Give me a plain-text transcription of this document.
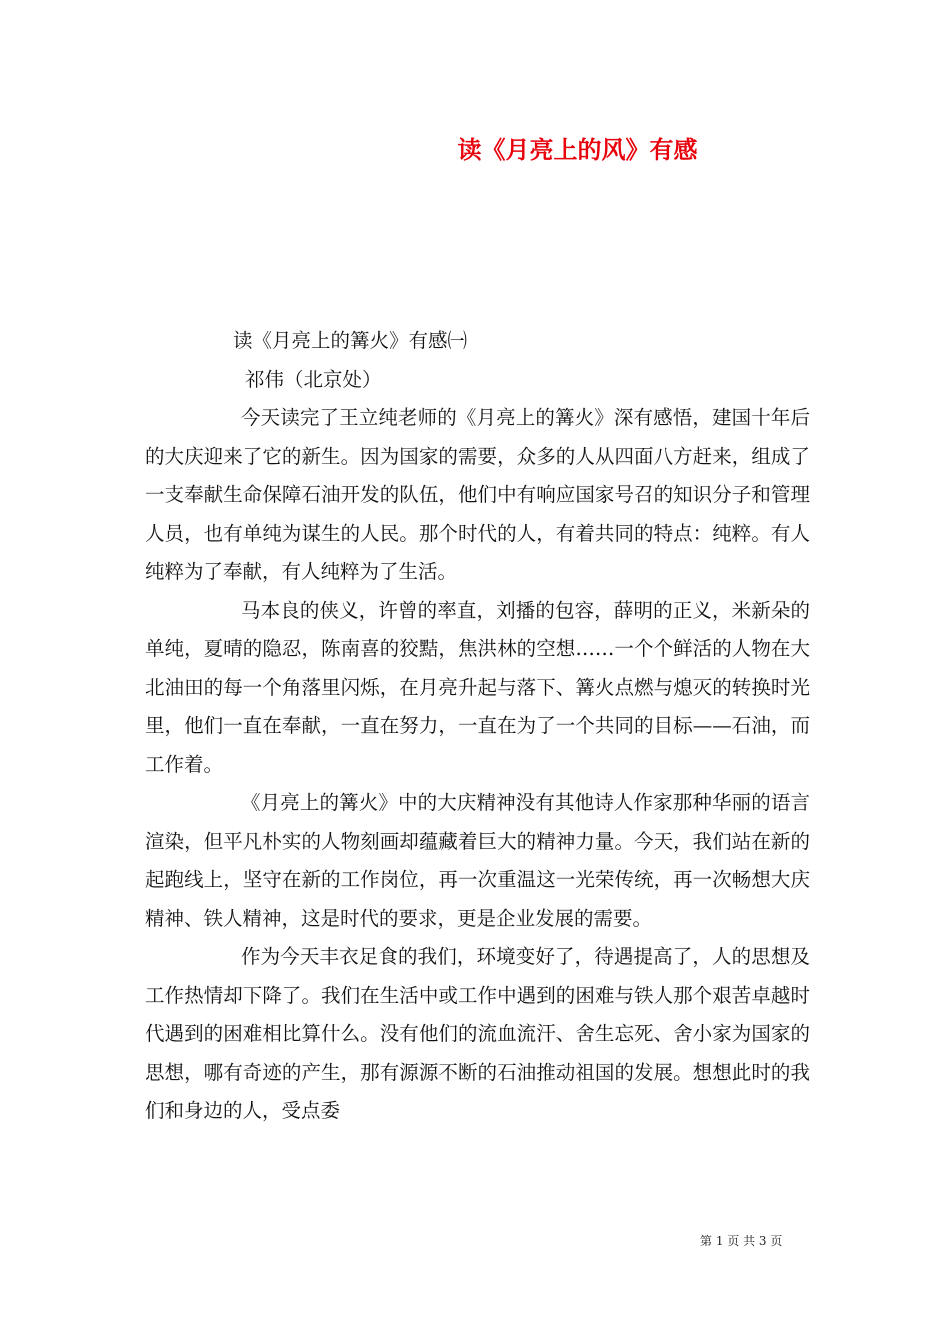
读《月亮上的风》有感

读《月亮上的篝火》有感㈠

祁伟（北京处）

今天读完了王立纯老师的《月亮上的篝火》深有感悟，建国十年后的大庆迎来了它的新生。因为国家的需要，众多的人从四面八方赶来，组成了一支奉献生命保障石油开发的队伍，他们中有响应国家号召的知识分子和管理人员，也有单纯为谋生的人民。那个时代的人，有着共同的特点：纯粹。有人纯粹为了奉献，有人纯粹为了生活。

马本良的侠义，许曾的率直，刘播的包容，薛明的正义，米新朵的单纯，夏晴的隐忍，陈南喜的狡黠，焦洪林的空想……一个个鲜活的人物在大北油田的每一个角落里闪烁，在月亮升起与落下、篝火点燃与熄灭的转换时光里，他们一直在奉献，一直在努力，一直在为了一个共同的目标——石油，而工作着。

《月亮上的篝火》中的大庆精神没有其他诗人作家那种华丽的语言渲染，但平凡朴实的人物刻画却蕴藏着巨大的精神力量。今天，我们站在新的起跑线上，坚守在新的工作岗位，再一次重温这一光荣传统，再一次畅想大庆精神、铁人精神，这是时代的要求，更是企业发展的需要。

作为今天丰衣足食的我们，环境变好了，待遇提高了，人的思想及工作热情却下降了。我们在生活中或工作中遇到的困难与铁人那个艰苦卓越时代遇到的困难相比算什么。没有他们的流血流汗、舍生忘死、舍小家为国家的思想，哪有奇迹的产生，那有源源不断的石油推动祖国的发展。想想此时的我们和身边的人，受点委

第 1 页 共 3 页
